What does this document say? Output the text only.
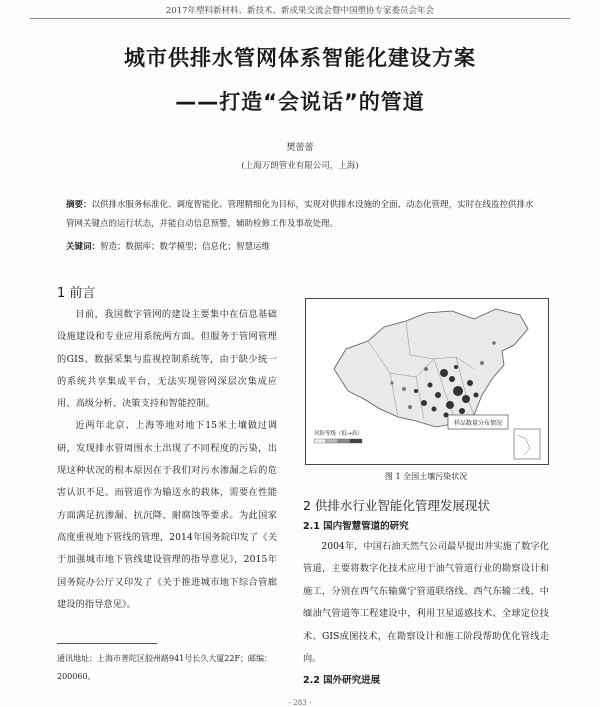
2017年塑料新材料、新技术、新成果交流会暨中国塑协专家委员会年会
城市供排水管网体系智能化建设方案
——打造“会说话”的管道
樊蕾蕾
(上海万朗管业有限公司，上海)
摘要：以供排水服务标准化、调度智能化、管理精细化为目标，实现对供排水设施的全面、动态化管理，实时在线监控供排水管网关键点的运行状态，并能自动信息预警，辅助检修工作及事故处理。
关键词：智造；数据库；数学模型；信息化；智慧运维
1 前言

目前，我国数字管网的建设主要集中在信息基础设施建设和专业应用系统两方面。但服务于管网管理的GIS、数据采集与监视控制系统等，由于缺少统一的系统共享集成平台，无法实现管网深层次集成应用、高级分析、决策支持和智能控制。

近两年北京、上海等地对地下15米土壤做过调研，发现排水管周围水土出现了不同程度的污染，出现这种状况的根本原因在于我们对污水渗漏之后的危害认识不足。而管道作为输送水的载体，需要在性能方面满足抗渗漏、抗沉降、耐腐蚀等要求。为此国家高度重视地下管线的管理，2014年国务院印发了《关于加强城市地下管线建设管理的指导意见》，2015年国务院办公厅又印发了《关于推进城市地下综合管廊建设的指导意见》。

通讯地址：上海市普陀区胶州路941号长久大厦22F；邮编：200060。
样品数量分布情况
风险等级（低→高）
图 1 全国土壤污染状况
2 供排水行业智能化管理发展现状
2.1 国内智慧管道的研究

2004年，中国石油天然气公司最早提出并实施了数字化管道，主要将数字化技术应用于油气管道行业的勘察设计和施工，分别在西气东输冀宁管道联络线、西气东输二线、中缅油气管道等工程建设中，利用卫星遥感技术、全球定位技术、GIS成图技术，在勘察设计和施工阶段帮助优化管线走向。

2.2 国外研究进展
- 283 -
